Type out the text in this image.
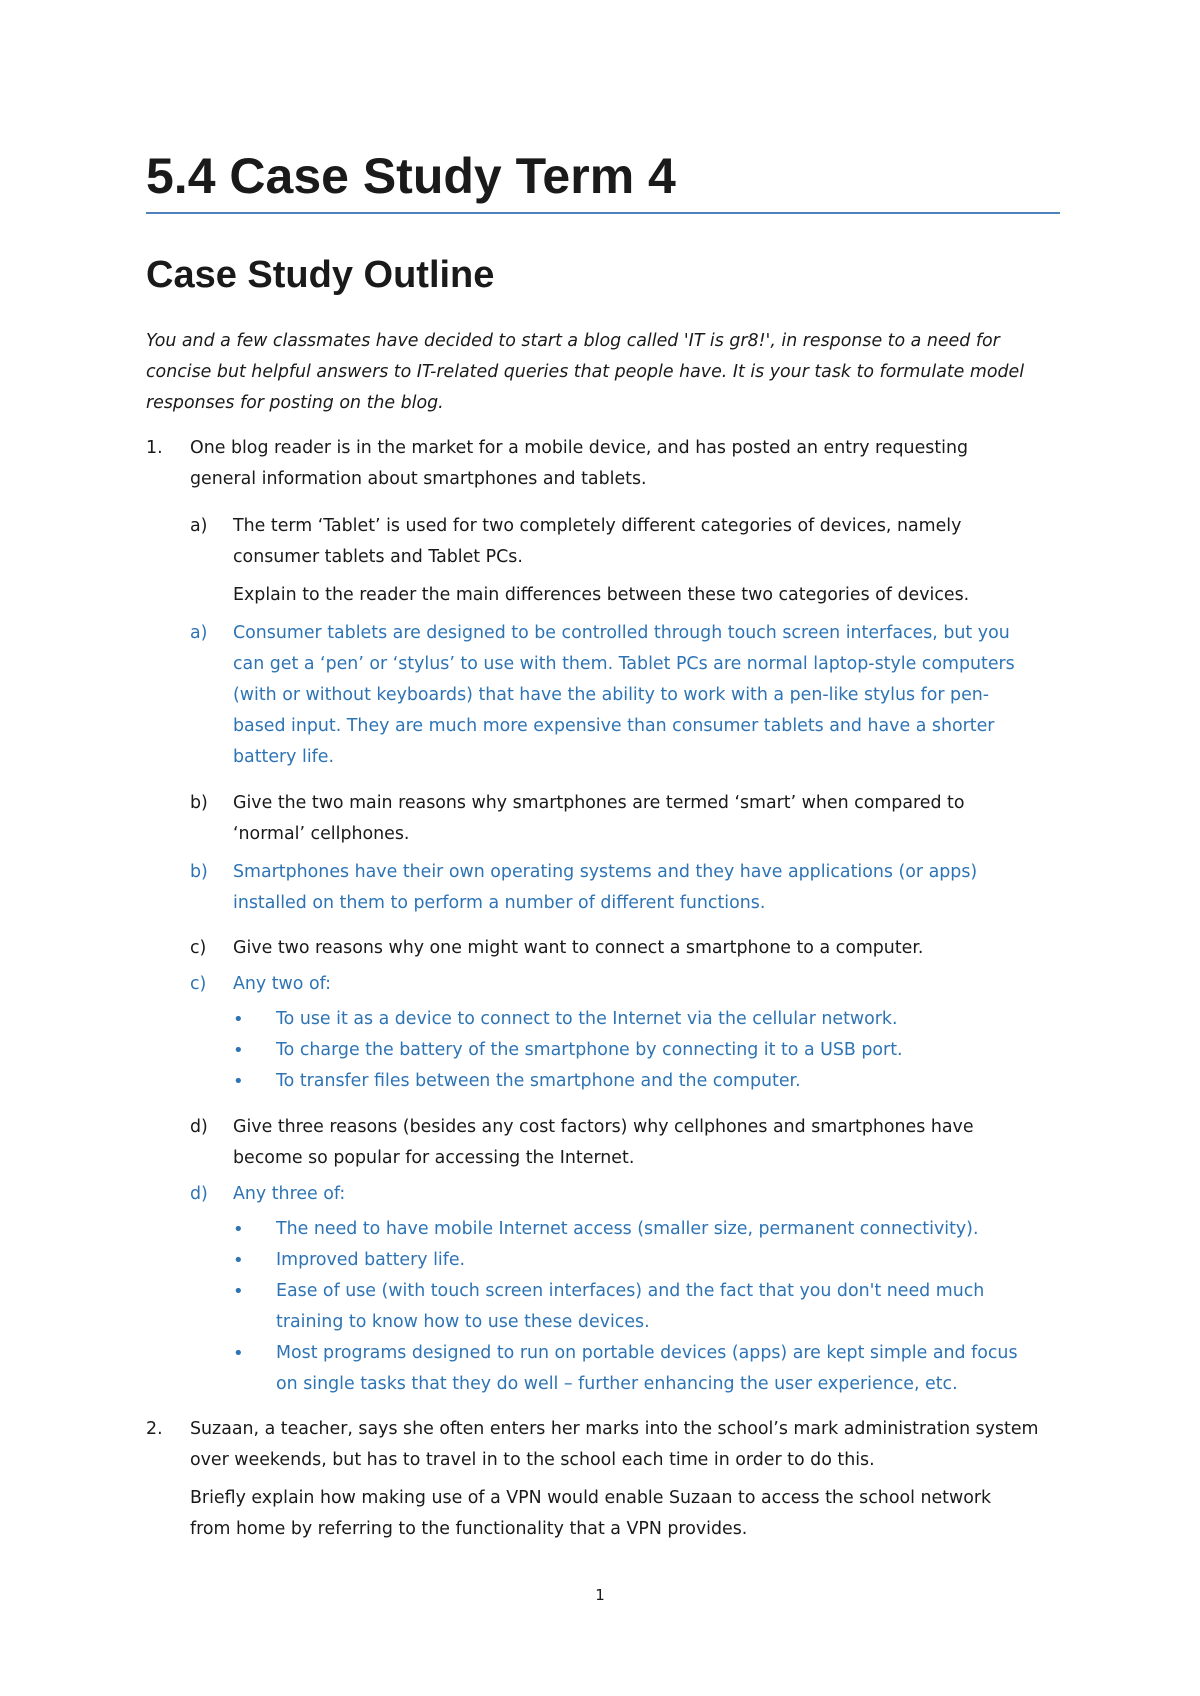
5.4 Case Study Term 4
Case Study Outline

You and a few classmates have decided to start a blog called 'IT is gr8!', in response to a need for

concise but helpful answers to IT-related queries that people have. It is your task to formulate model

responses for posting on the blog.

1. One blog reader is in the market for a mobile device, and has posted an entry requesting

general information about smartphones and tablets.

a) The term ‘Tablet’ is used for two completely different categories of devices, namely

consumer tablets and Tablet PCs.

Explain to the reader the main differences between these two categories of devices.

a) Consumer tablets are designed to be controlled through touch screen interfaces, but you

can get a ‘pen’ or ‘stylus’ to use with them. Tablet PCs are normal laptop-style computers

(with or without keyboards) that have the ability to work with a pen-like stylus for pen-

based input. They are much more expensive than consumer tablets and have a shorter

battery life.

b) Give the two main reasons why smartphones are termed ‘smart’ when compared to

‘normal’ cellphones.

b) Smartphones have their own operating systems and they have applications (or apps)

installed on them to perform a number of different functions.

c) Give two reasons why one might want to connect a smartphone to a computer.

c) Any two of:

• To use it as a device to connect to the Internet via the cellular network.

• To charge the battery of the smartphone by connecting it to a USB port.

• To transfer files between the smartphone and the computer.

d) Give three reasons (besides any cost factors) why cellphones and smartphones have

become so popular for accessing the Internet.

d) Any three of:

• The need to have mobile Internet access (smaller size, permanent connectivity).

• Improved battery life.

• Ease of use (with touch screen interfaces) and the fact that you don't need much

training to know how to use these devices.

• Most programs designed to run on portable devices (apps) are kept simple and focus

on single tasks that they do well – further enhancing the user experience, etc.

2. Suzaan, a teacher, says she often enters her marks into the school’s mark administration system

over weekends, but has to travel in to the school each time in order to do this.

Briefly explain how making use of a VPN would enable Suzaan to access the school network

from home by referring to the functionality that a VPN provides.

1
